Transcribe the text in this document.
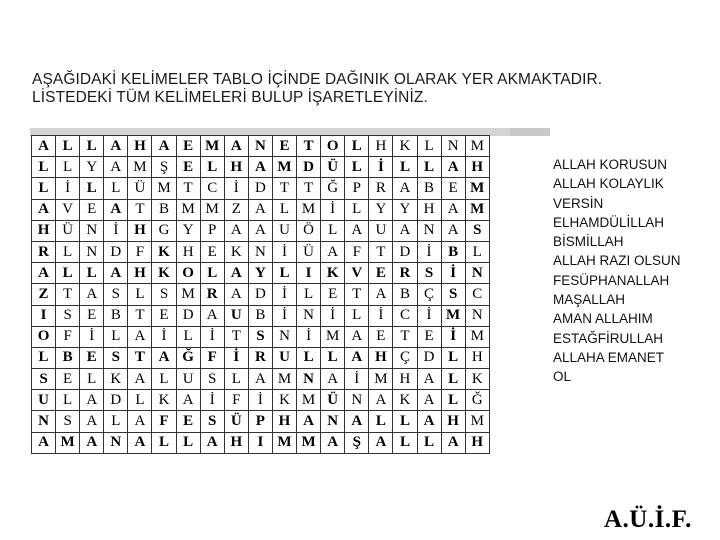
AŞAĞIDAKİ KELİMELER TABLO İÇİNDE DAĞINIK OLARAK YER AKMAKTADIR. LİSTEDEKİ TÜM KELİMELERİ BULUP İŞARETLEYİNİZ.
A	L	L	A	H	A	E	M	A	N	E	T	O	L	H	K	L	N	M
L	L	Y	A	M	Ş	E	L	H	A	M	D	Ü	L	İ	L	L	A	H
L	İ	L	L	Ü	M	T	C	İ	D	T	T	Ğ	P	R	A	B	E	M
A	V	E	A	T	B	M	M	Z	A	L	M	İ	L	Y	Y	H	A	M
H	Ü	N	İ	H	G	Y	P	A	A	U	Ö	L	A	U	A	N	A	S
R	L	N	D	F	K	H	E	K	N	İ	Ü	A	F	T	D	İ	B	L
A	L	L	A	H	K	O	L	A	Y	L	I	K	V	E	R	S	İ	N
Z	T	A	S	L	S	M	R	A	D	İ	L	E	T	A	B	Ç	S	C
I	S	E	B	T	E	D	A	U	B	İ	N	İ	L	İ	C	İ	M	N
O	F	İ	L	A	İ	L	İ	T	S	N	İ	M	A	E	T	E	İ	M
L	B	E	S	T	A	Ğ	F	İ	R	U	L	L	A	H	Ç	D	L	H
S	E	L	K	A	L	U	S	L	A	M	N	A	İ	M	H	A	L	K
U	L	A	D	L	K	A	İ	F	İ	K	M	Ü	N	A	K	A	L	Ğ
N	S	A	L	A	F	E	S	Ü	P	H	A	N	A	L	L	A	H	M
A	M	A	N	A	L	L	A	H	I	M	M	A	Ş	A	L	L	A	H
ALLAH KORUSUN
ALLAH KOLAYLIK
VERSİN
ELHAMDÜLİLLAH
BİSMİLLAH
ALLAH RAZI OLSUN
FESÜPHANALLAH
MAŞALLAH
AMAN ALLAHIM
ESTAĞFİRULLAH
ALLAHA EMANET
OL
A.Ü.İ.F.
